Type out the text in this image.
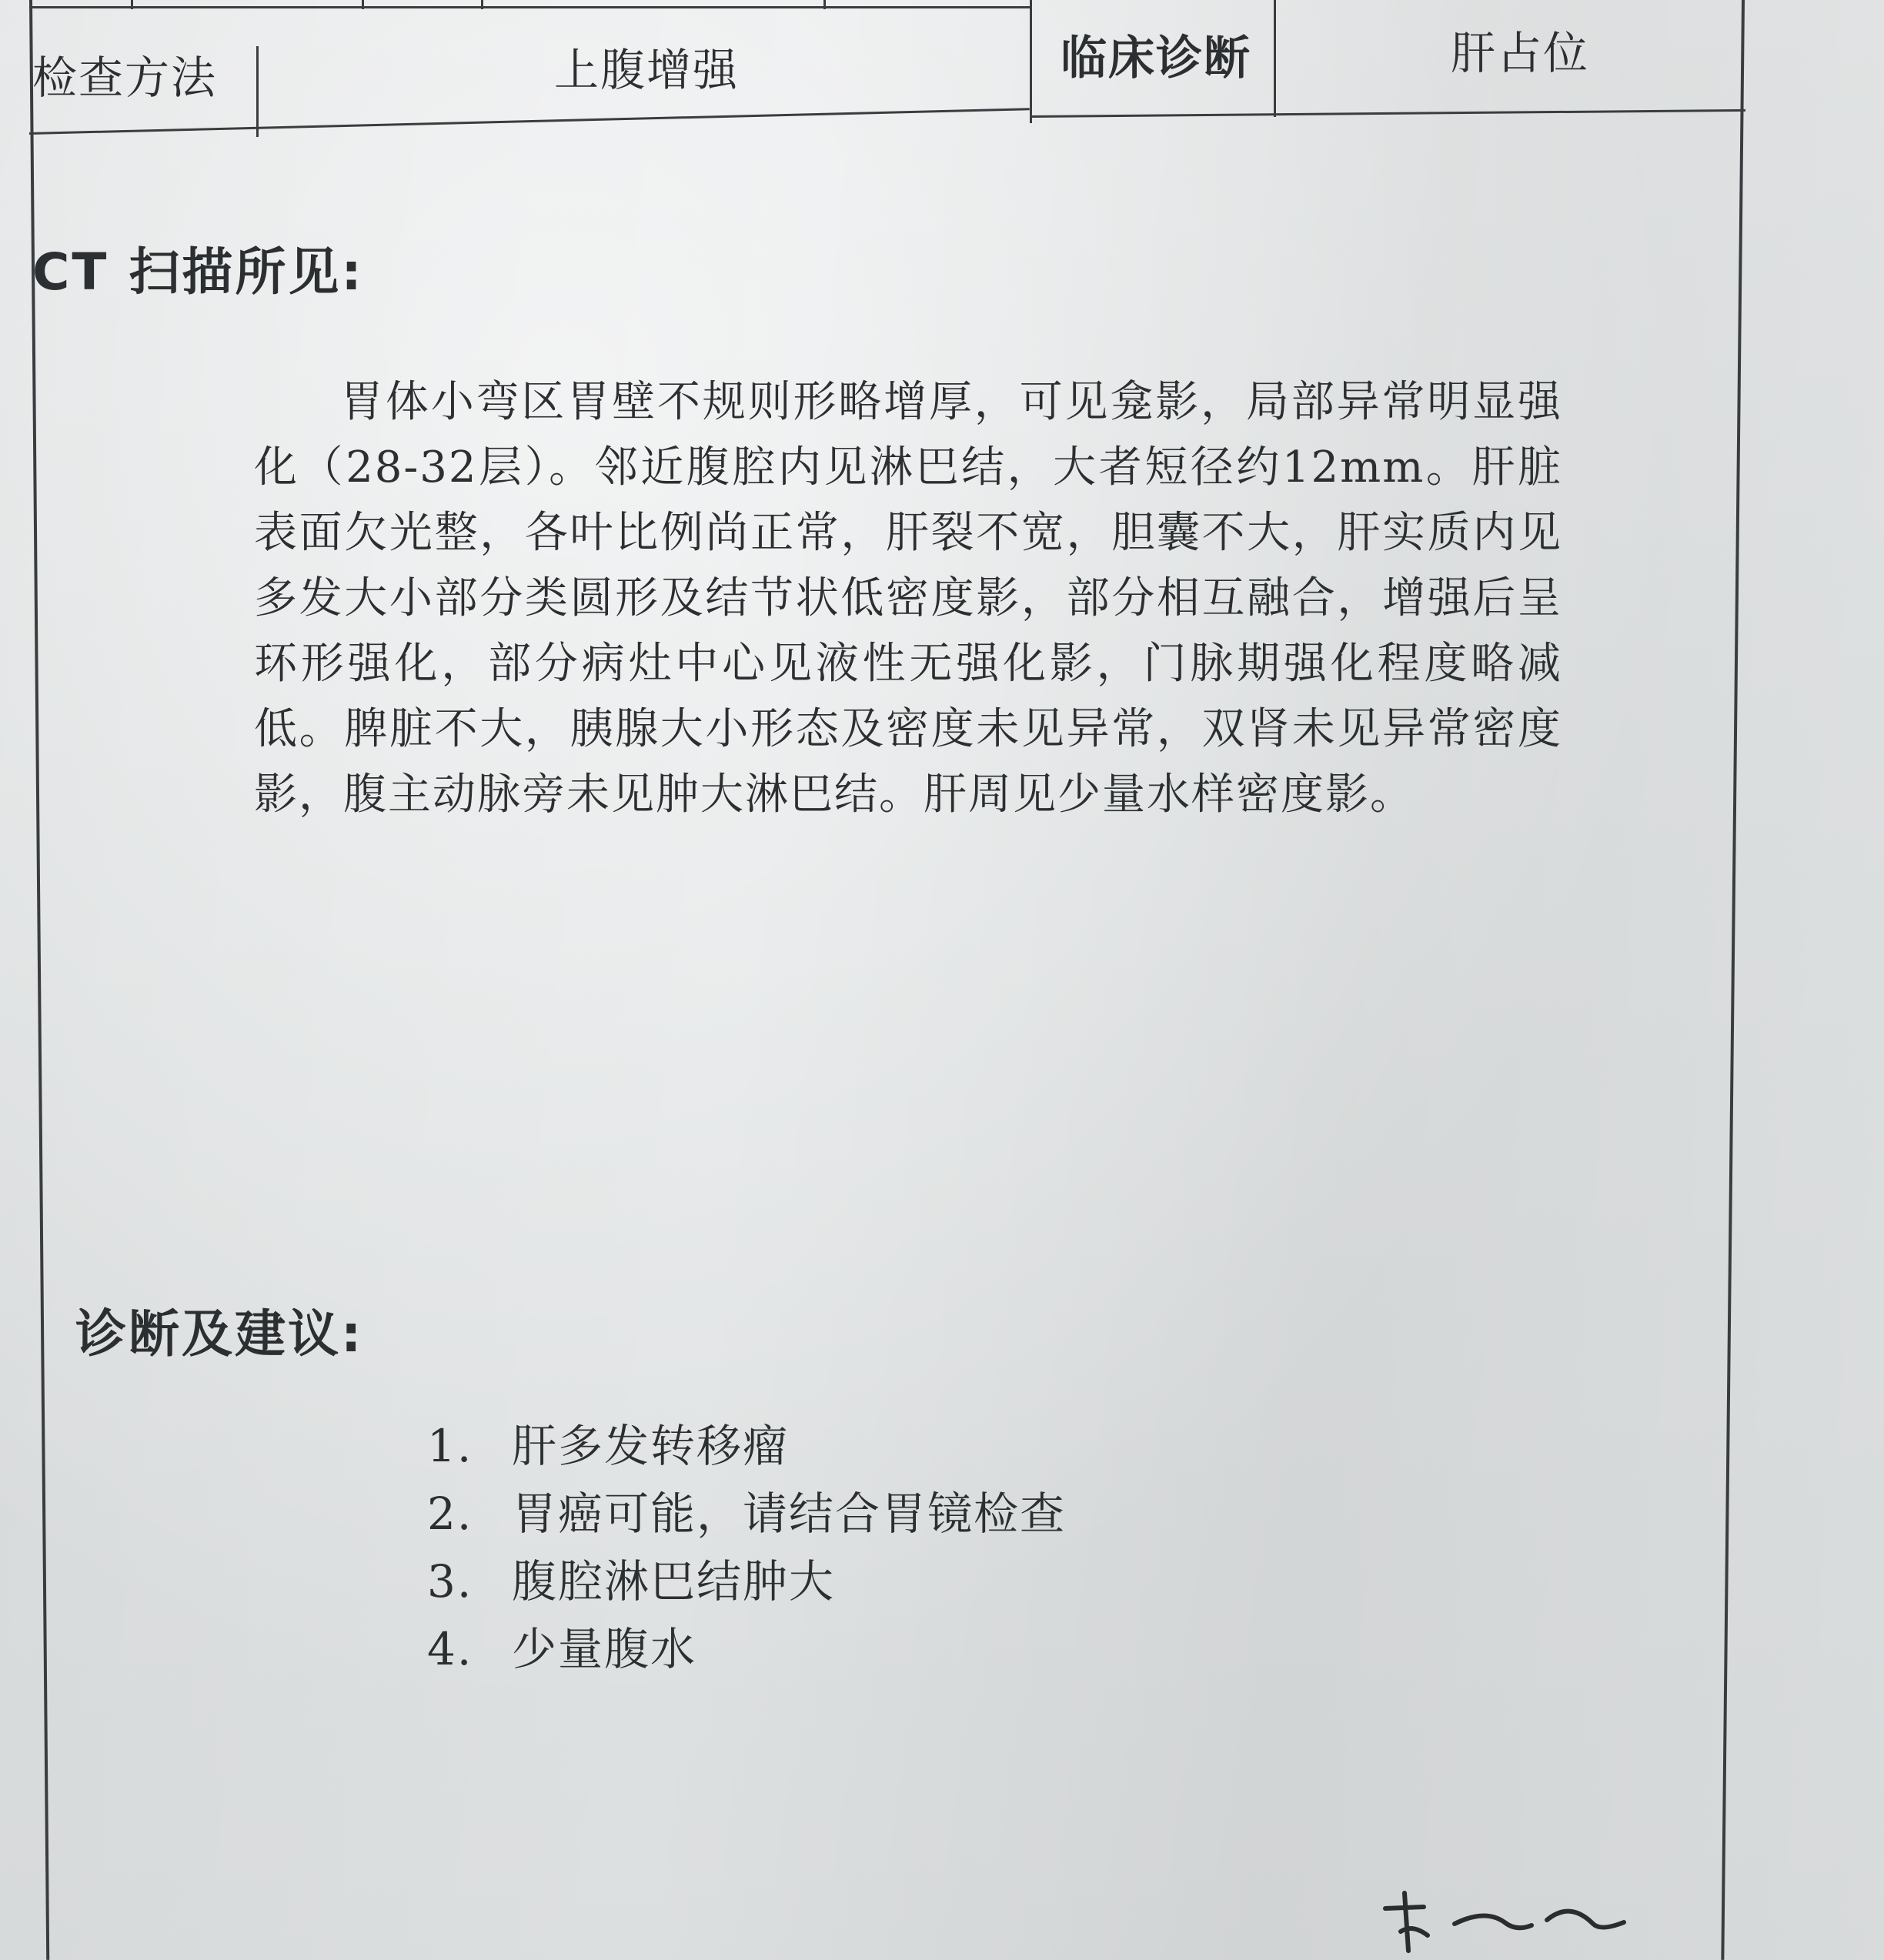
检查方法	上腹增强	临床诊断	肝占位
CT 扫描所见:

胃体小弯区胃壁不规则形略增厚，可见龛影，局部异常明显强化（28-32层）。邻近腹腔内见淋巴结，大者短径约12mm。肝脏表面欠光整，各叶比例尚正常，肝裂不宽，胆囊不大，肝实质内见多发大小部分类圆形及结节状低密度影，部分相互融合，增强后呈环形强化，部分病灶中心见液性无强化影，门脉期强化程度略减低。脾脏不大，胰腺大小形态及密度未见异常，双肾未见异常密度影，腹主动脉旁未见肿大淋巴结。肝周见少量水样密度影。

诊断及建议:
1. 肝多发转移瘤
2. 胃癌可能，请结合胃镜检查
3. 腹腔淋巴结肿大
4. 少量腹水
